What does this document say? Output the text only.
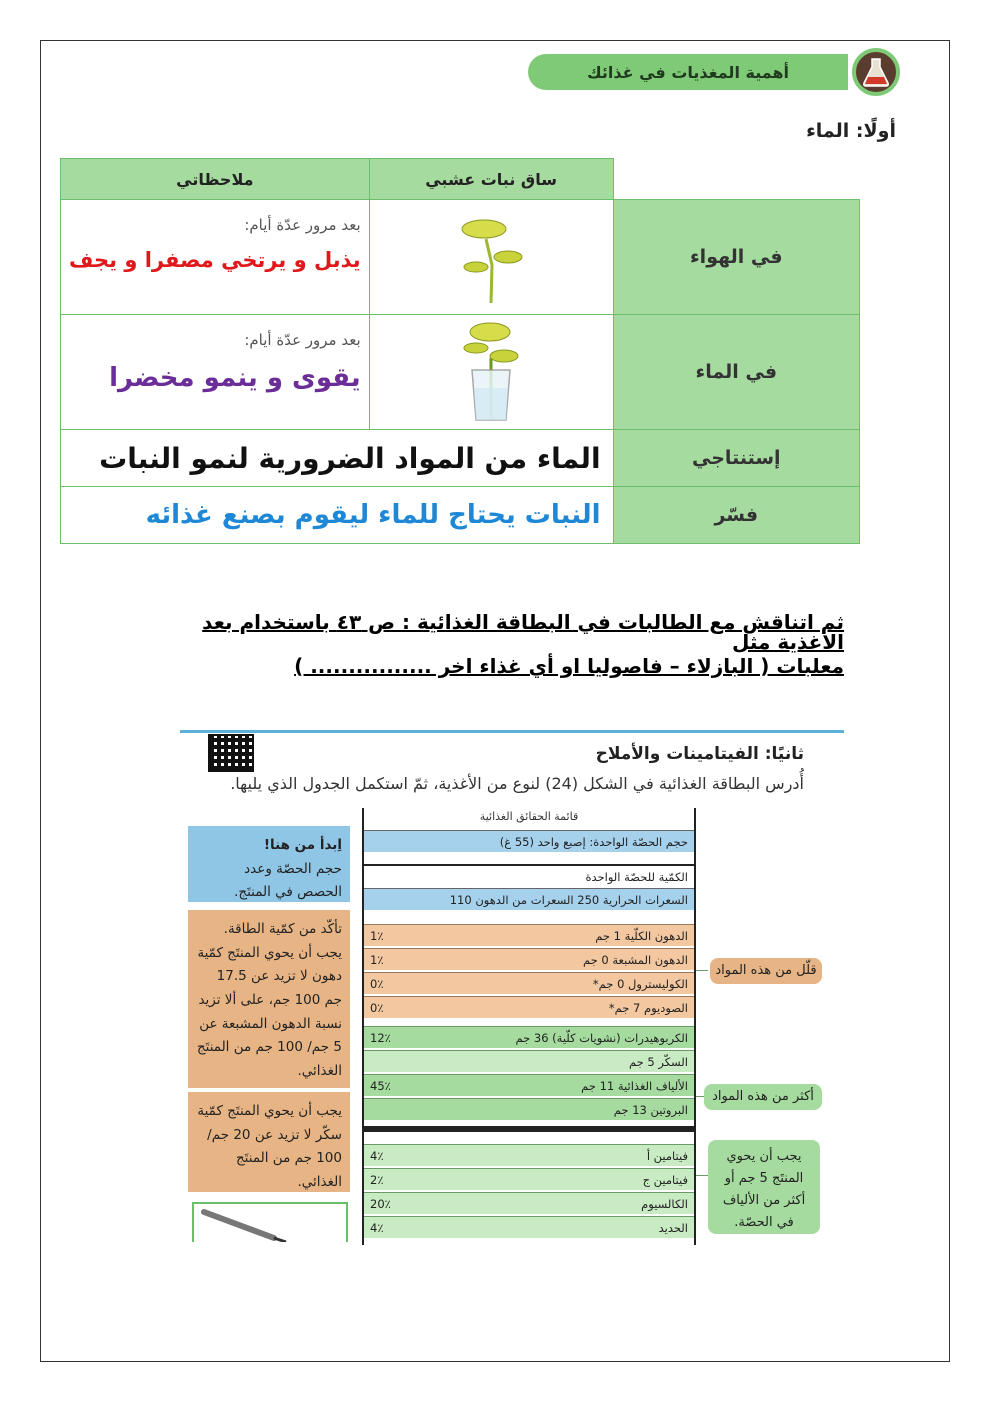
أهمية المغذيات في غذائك
أولًا: الماء
	ساق نبات عشبي	ملاحظاتي
في الهواء		بعد مرور عدّة أيام:
يذبل و يرتخي مصفرا و يجف

في الماء		بعد مرور عدّة أيام:
يقوى و ينمو مخضرا

إستنتاجي	الماء من المواد الضرورية لنمو النبات	
فسّر	النبات يحتاج للماء ليقوم بصنع غذائه	
ثم اتناقش مع الطالبات في البطاقة الغذائية : ص ٤٣ باستخدام بعد الاغذية مثل
معلبات ( البازلاء – فاصوليا او أي غذاء اخر ................ )
ثانيًا: الفيتامينات والأملاح
أُدرس البطاقة الغذائية في الشكل (24) لنوع من الأغذية، ثمّ استكمل الجدول الذي يليها.
اِبدأ من هنا!
حجم الحصّة وعدد الحصص في المنتَج.
تأكّد من كمّية الطاقة. يجب أن يحوي المنتَج كمّية دهون لا تزيد عن 17.5 جم 100 جم، على ألا تزيد نسبة الدهون المشبعة عن 5 جم/ 100 جم من المنتَج الغذائي.
يجب أن يحوي المنتَج كمّية سكّر لا تزيد عن 20 جم/ 100 جم من المنتَج الغذائي.
قائمة الحقائق الغذائية
حجم الحصّة الواحدة: إصبع واحد (55 غ)
الكمّية للحصّة الواحدة
السعرات الحرارية 250 السعرات من الدهون 110
الدهون الكلّية 1 جم
1٪
الدهون المشبعة 0 جم
1٪
الكوليسترول 0 جم*
0٪
الصوديوم 7 جم*
0٪
الكربوهيدرات (نشويات كلّية) 36 جم
12٪
السكّر 5 جم
الألياف الغذائية 11 جم
45٪
البروتين 13 جم
فيتامين أ
4٪
فيتامين ج
2٪
الكالسيوم
20٪
الحديد
4٪
قلّل من هذه المواد
أكثر من هذه المواد
يجب أن يحوي المنتَج 5 جم أو أكثر من الألياف في الحصّة.
